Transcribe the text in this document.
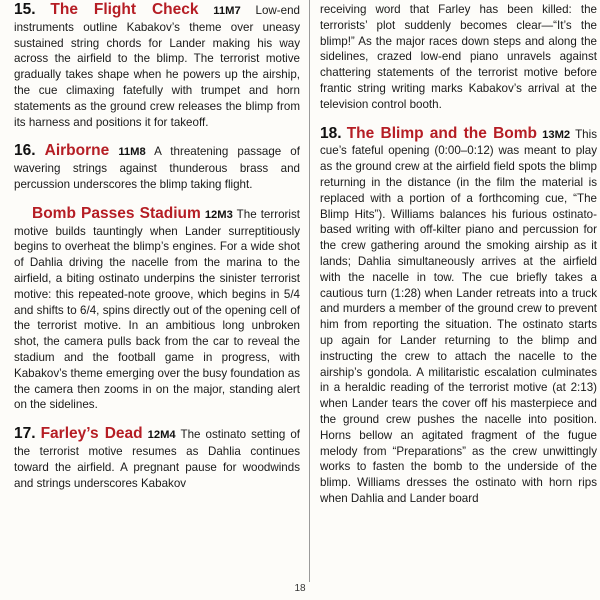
15. The Flight Check 11M7 Low-end instruments outline Kabakov’s theme over uneasy sustained string chords for Lander making his way across the airfield to the blimp. The terrorist motive gradually takes shape when he powers up the airship, the cue climaxing fatefully with trumpet and horn statements as the ground crew releases the blimp from its harness and positions it for takeoff.

16. Airborne 11M8 A threatening passage of wavering strings against thunderous brass and percussion underscores the blimp taking flight.

Bomb Passes Stadium 12M3 The terrorist motive builds tauntingly when Lander surreptitiously begins to overheat the blimp’s engines. For a wide shot of Dahlia driving the nacelle from the marina to the airfield, a biting ostinato underpins the sinister terrorist motive: this repeated-note groove, which begins in 5/4 and shifts to 6/4, spins directly out of the opening cell of the terrorist motive. In an ambitious long unbroken shot, the camera pulls back from the car to reveal the stadium and the football game in progress, with Kabakov’s theme emerging over the busy foundation as the camera then zooms in on the major, standing alert on the sidelines.

17. Farley’s Dead 12M4 The ostinato setting of the terrorist motive resumes as Dahlia continues toward the airfield. A pregnant pause for woodwinds and strings underscores Kabakov

receiving word that Farley has been killed: the terrorists’ plot suddenly becomes clear—“It’s the blimp!” As the major races down steps and along the sidelines, crazed low-end piano unravels against chattering statements of the terrorist motive before frantic string writing marks Kabakov’s arrival at the television control booth.

18. The Blimp and the Bomb 13M2 This cue’s fateful opening (0:00–0:12) was meant to play as the ground crew at the airfield field spots the blimp returning in the distance (in the film the material is replaced with a portion of a forthcoming cue, “The Blimp Hits”). Williams balances his furious ostinato-based writing with off-kilter piano and percussion for the crew gathering around the smoking airship as it lands; Dahlia simultaneously arrives at the airfield with the nacelle in tow. The cue briefly takes a cautious turn (1:28) when Lander retreats into a truck and murders a member of the ground crew to prevent him from reporting the situation. The ostinato starts up again for Lander returning to the blimp and instructing the crew to attach the nacelle to the airship’s gondola. A militaristic escalation culminates in a heraldic reading of the terrorist motive (at 2:13) when Lander tears the cover off his masterpiece and the ground crew pushes the nacelle into position. Horns bellow an agitated fragment of the fugue melody from “Preparations” as the crew unwittingly works to fasten the bomb to the underside of the blimp. Williams dresses the ostinato with horn rips when Dahlia and Lander board

18
